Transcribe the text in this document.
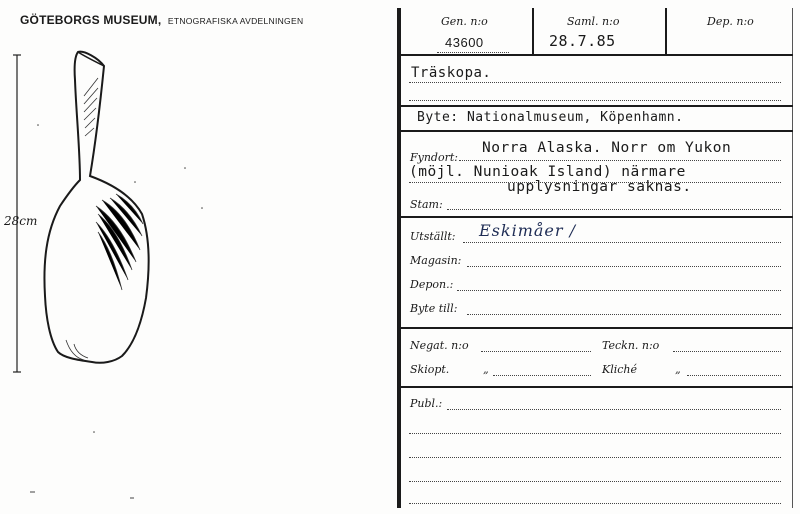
GÖTEBORGS MUSEUM, ETNOGRAFISKA AVDELNINGEN
28cm
Gen. n:o
43600
Saml. n:o
28.7.85
Dep. n:o
Träskopa.
Byte: Nationalmuseum, Köpenhamn.
Fyndort:
Norra Alaska. Norr om Yukon
(möjl. Nunioak Island) närmare
upplysningar saknas.
Stam:
Utställt: Eskimåer /
Magasin:
Depon.:
Byte till:
Negat. n:o	Teckn. n:o
Skiopt.	„	Kliché	„
Publ.:
